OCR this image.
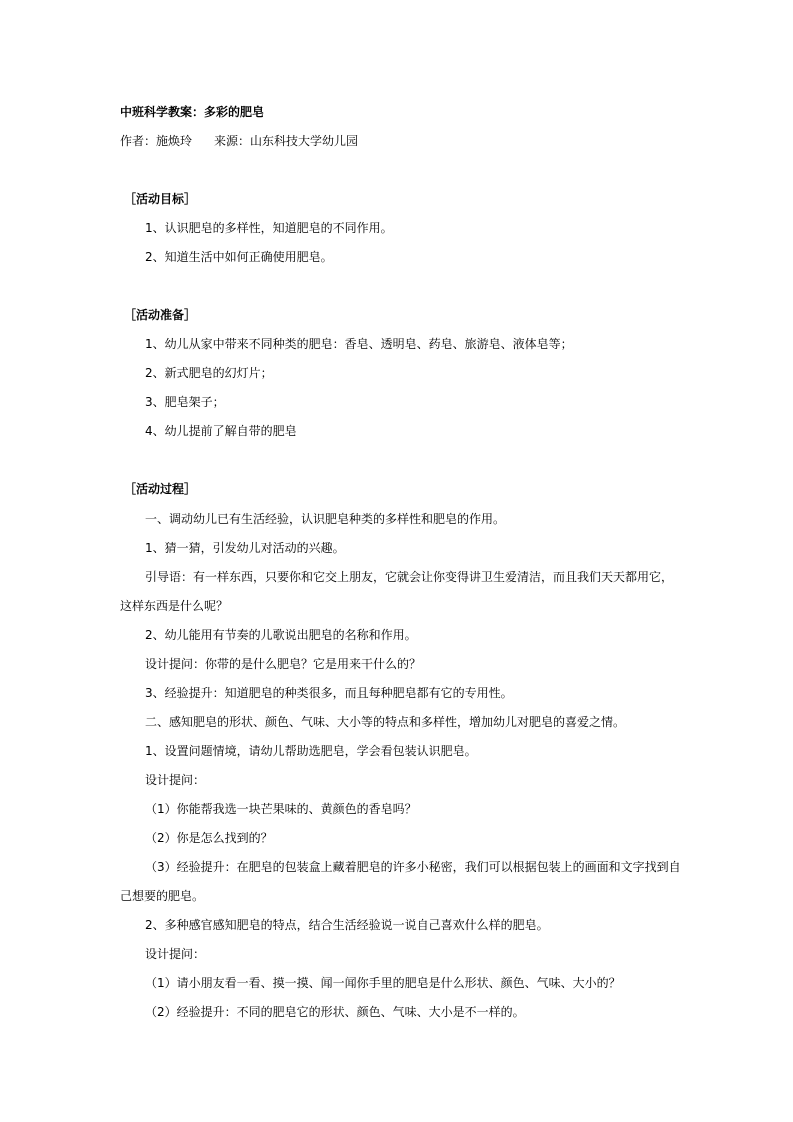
中班科学教案：多彩的肥皂
作者：施焕玲 来源：山东科技大学幼儿园
［活动目标］
1、认识肥皂的多样性，知道肥皂的不同作用。
2、知道生活中如何正确使用肥皂。
［活动准备］
1、幼儿从家中带来不同种类的肥皂：香皂、透明皂、药皂、旅游皂、液体皂等；
2、新式肥皂的幻灯片；
3、肥皂架子；
4、幼儿提前了解自带的肥皂
［活动过程］
一、调动幼儿已有生活经验，认识肥皂种类的多样性和肥皂的作用。
1、猜一猜，引发幼儿对活动的兴趣。
引导语：有一样东西，只要你和它交上朋友，它就会让你变得讲卫生爱清洁，而且我们天天都用它，
这样东西是什么呢？
2、幼儿能用有节奏的儿歌说出肥皂的名称和作用。
设计提问：你带的是什么肥皂？它是用来干什么的？
3、经验提升：知道肥皂的种类很多，而且每种肥皂都有它的专用性。
二、感知肥皂的形状、颜色、气味、大小等的特点和多样性，增加幼儿对肥皂的喜爱之情。
1、设置问题情境，请幼儿帮助选肥皂，学会看包装认识肥皂。
设计提问：
（1）你能帮我选一块芒果味的、黄颜色的香皂吗？
（2）你是怎么找到的？
（3）经验提升：在肥皂的包装盒上藏着肥皂的许多小秘密，我们可以根据包装上的画面和文字找到自
己想要的肥皂。
2、多种感官感知肥皂的特点，结合生活经验说一说自己喜欢什么样的肥皂。
设计提问：
（1）请小朋友看一看、摸一摸、闻一闻你手里的肥皂是什么形状、颜色、气味、大小的？
（2）经验提升：不同的肥皂它的形状、颜色、气味、大小是不一样的。
